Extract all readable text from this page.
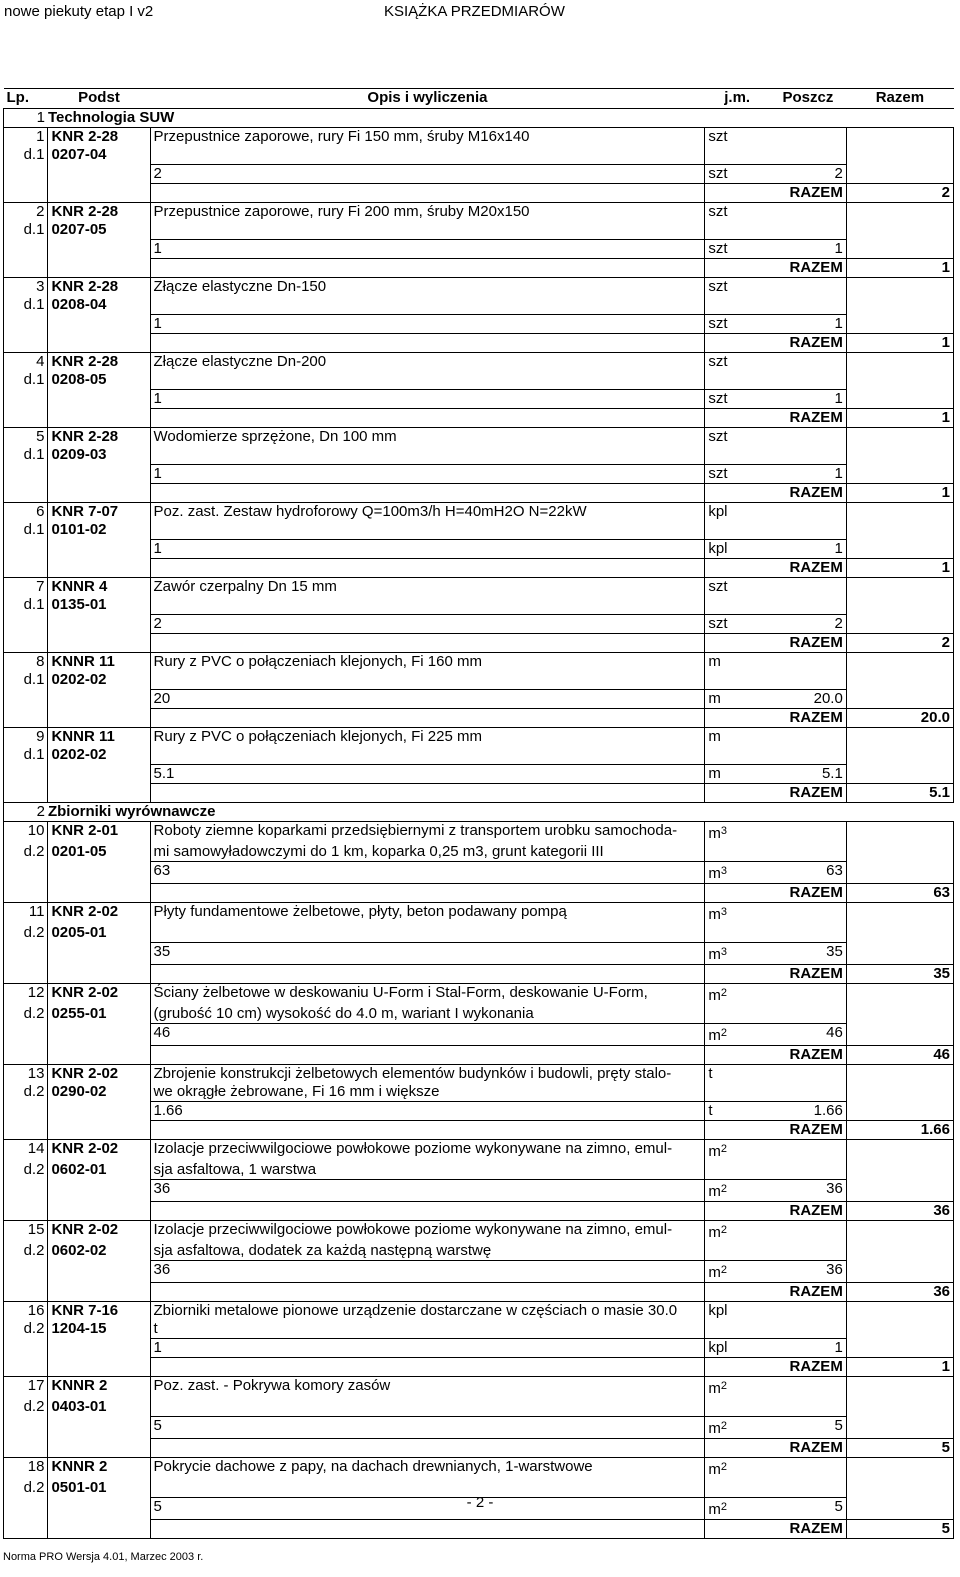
nowe piekuty etap I v2	KSIĄŻKA PRZEDMIARÓW
Lp.	Podst	Opis i wyliczenia	j.m.	Poszcz	Razem
1	Technologia SUW				
1	KNR 2-28	Przepustnice zaporowe, rury Fi 150 mm, śruby M16x140	szt		
d.1	0207-04				
		2	szt	2	
			RAZEM		2
2	KNR 2-28	Przepustnice zaporowe, rury Fi 200 mm, śruby M20x150	szt		
d.1	0207-05				
		1	szt	1	
			RAZEM		1
3	KNR 2-28	Złącze elastyczne Dn-150	szt		
d.1	0208-04				
		1	szt	1	
			RAZEM		1
4	KNR 2-28	Złącze elastyczne Dn-200	szt		
d.1	0208-05				
		1	szt	1	
			RAZEM		1
5	KNR 2-28	Wodomierze sprzężone, Dn 100 mm	szt		
d.1	0209-03				
		1	szt	1	
			RAZEM		1
6	KNR 7-07	Poz. zast. Zestaw hydroforowy Q=100m3/h H=40mH2O N=22kW	kpl		
d.1	0101-02				
		1	kpl	1	
			RAZEM		1
7	KNNR 4	Zawór czerpalny Dn 15 mm	szt		
d.1	0135-01				
		2	szt	2	
			RAZEM		2
8	KNNR 11	Rury z PVC o połączeniach klejonych, Fi 160 mm	m		
d.1	0202-02				
		20	m	20.0	
			RAZEM		20.0
9	KNNR 11	Rury z PVC o połączeniach klejonych, Fi 225 mm	m		
d.1	0202-02				
		5.1	m	5.1	
			RAZEM		5.1
2	Zbiorniki wyrównawcze				
10	KNR 2-01	Roboty ziemne koparkami przedsiębiernymi z transportem urobku samochoda-	$m^3$		
d.2	0201-05	mi samowyładowczymi do 1 km, koparka 0,25 m3, grunt kategorii III			
		63	$m^3$	63	
			RAZEM		63
11	KNR 2-02	Płyty fundamentowe żelbetowe, płyty, beton podawany pompą	$m^3$		
d.2	0205-01				
		35	$m^3$	35	
			RAZEM		35
12	KNR 2-02	Ściany żelbetowe w deskowaniu U-Form i Stal-Form, deskowanie U-Form,	$m^2$		
d.2	0255-01	(grubość 10 cm) wysokość do 4.0 m, wariant I wykonania			
		46	$m^2$	46	
			RAZEM		46
13	KNR 2-02	Zbrojenie konstrukcji żelbetowych elementów budynków i budowli, pręty stalo-	t		
d.2	0290-02	we okrągłe żebrowane, Fi 16 mm i większe			
		1.66	t	1.66	
			RAZEM		1.66
14	KNR 2-02	Izolacje przeciwwilgociowe powłokowe poziome wykonywane na zimno, emul-	$m^2$		
d.2	0602-01	sja asfaltowa, 1 warstwa			
		36	$m^2$	36	
			RAZEM		36
15	KNR 2-02	Izolacje przeciwwilgociowe powłokowe poziome wykonywane na zimno, emul-	$m^2$		
d.2	0602-02	sja asfaltowa, dodatek za każdą następną warstwę			
		36	$m^2$	36	
			RAZEM		36
16	KNR 7-16	Zbiorniki metalowe pionowe urządzenie dostarczane w częściach o masie 30.0	kpl		
d.2	1204-15	t			
		1	kpl	1	
			RAZEM		1
17	KNNR 2	Poz. zast. - Pokrywa komory zasów	$m^2$		
d.2	0403-01				
		5	$m^2$	5	
			RAZEM		5
18	KNNR 2	Pokrycie dachowe z papy, na dachach drewnianych, 1-warstwowe	$m^2$		
d.2	0501-01				
		5	$m^2$	5	
			RAZEM		5
- 2 -
Norma PRO Wersja 4.01, Marzec 2003 r.
